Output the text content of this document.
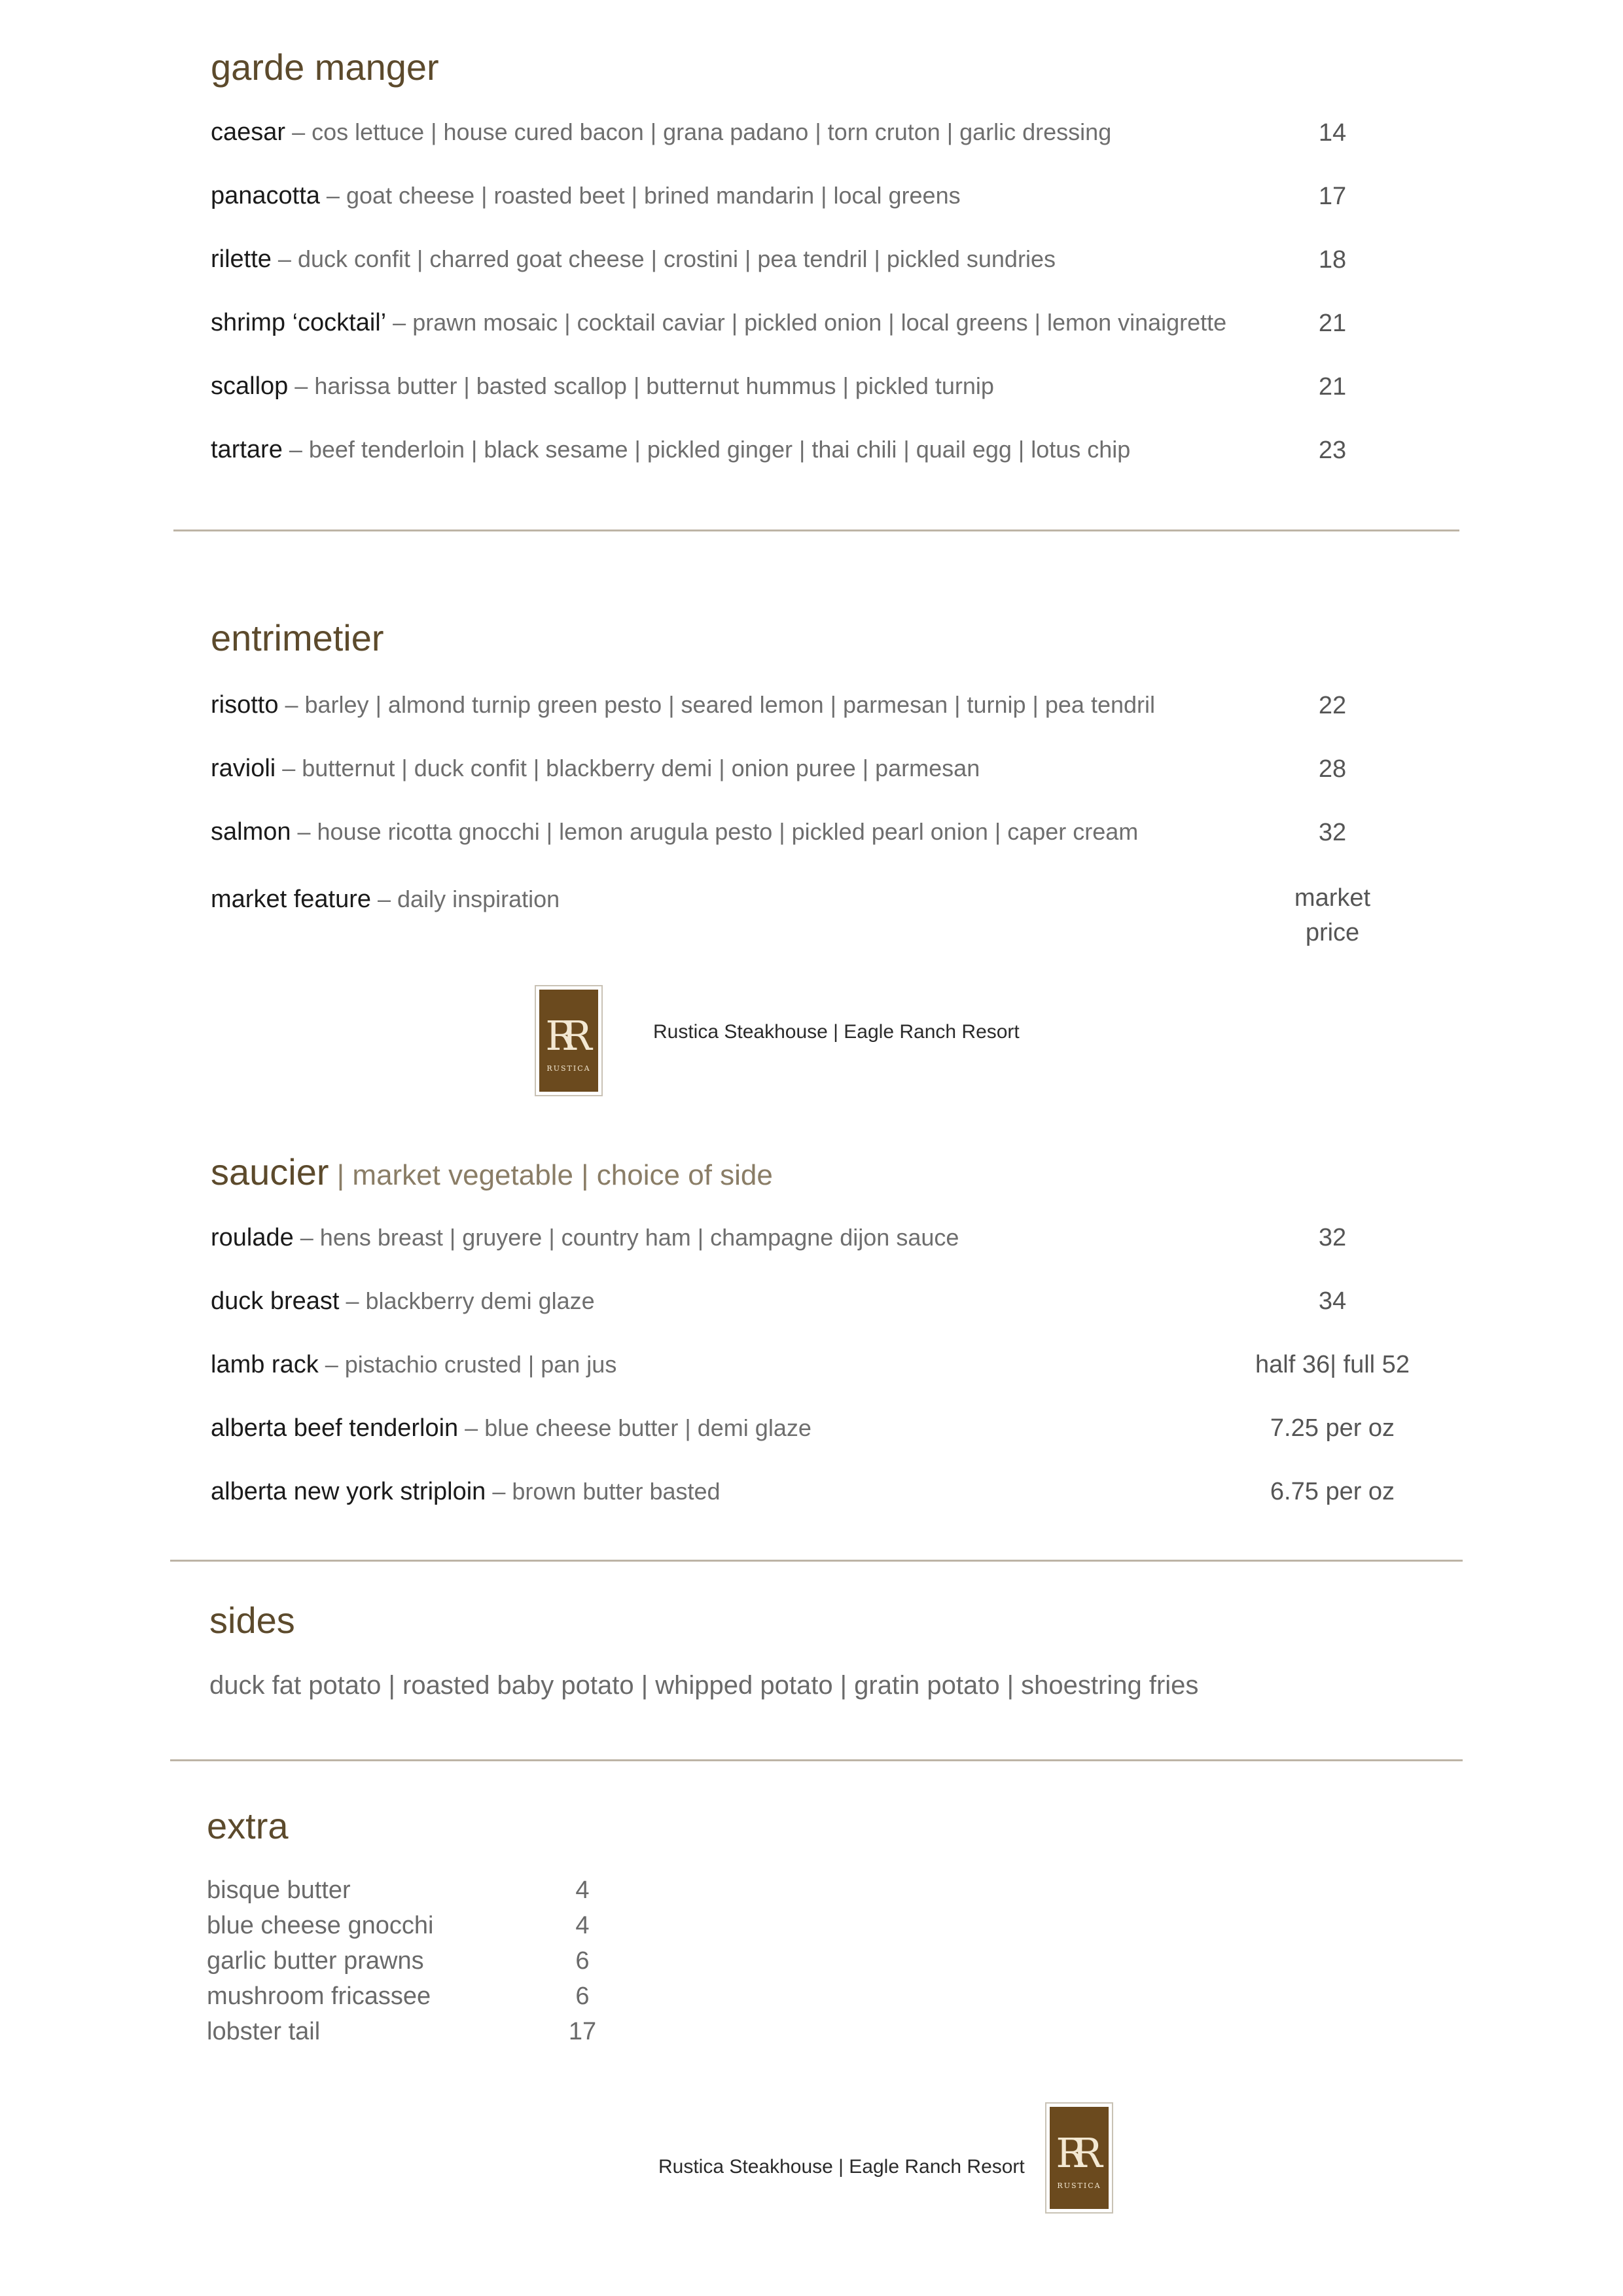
garde manger
caesar – cos lettuce | house cured bacon | grana padano | torn cruton | garlic dressing	14
panacotta – goat cheese | roasted beet | brined mandarin | local greens	17
rilette – duck confit | charred goat cheese | crostini | pea tendril | pickled sundries	18
shrimp ‘cocktail’ – prawn mosaic | cocktail caviar | pickled onion | local greens | lemon vinaigrette	21
scallop – harissa butter | basted scallop | butternut hummus | pickled turnip	21
tartare – beef tenderloin | black sesame | pickled ginger | thai chili | quail egg | lotus chip	23
entrimetier
risotto – barley | almond turnip green pesto | seared lemon | parmesan | turnip | pea tendril	22
ravioli – butternut | duck confit | blackberry demi | onion puree | parmesan	28
salmon – house ricotta gnocchi | lemon arugula pesto | pickled pearl onion | caper cream	32
market feature – daily inspiration	market
price
RR
RUSTICA
Rustica Steakhouse | Eagle Ranch Resort
saucier | market vegetable | choice of side
roulade – hens breast | gruyere | country ham | champagne dijon sauce	32
duck breast – blackberry demi glaze	34
lamb rack – pistachio crusted | pan jus	half 36| full 52
alberta beef tenderloin – blue cheese butter | demi glaze	7.25 per oz
alberta new york striploin – brown butter basted	6.75 per oz
sides
duck fat potato | roasted baby potato | whipped potato | gratin potato | shoestring fries
extra
bisque butter	4
blue cheese gnocchi	4
garlic butter prawns	6
mushroom fricassee	6
lobster tail	17
Rustica Steakhouse | Eagle Ranch Resort RR
RUSTICA
